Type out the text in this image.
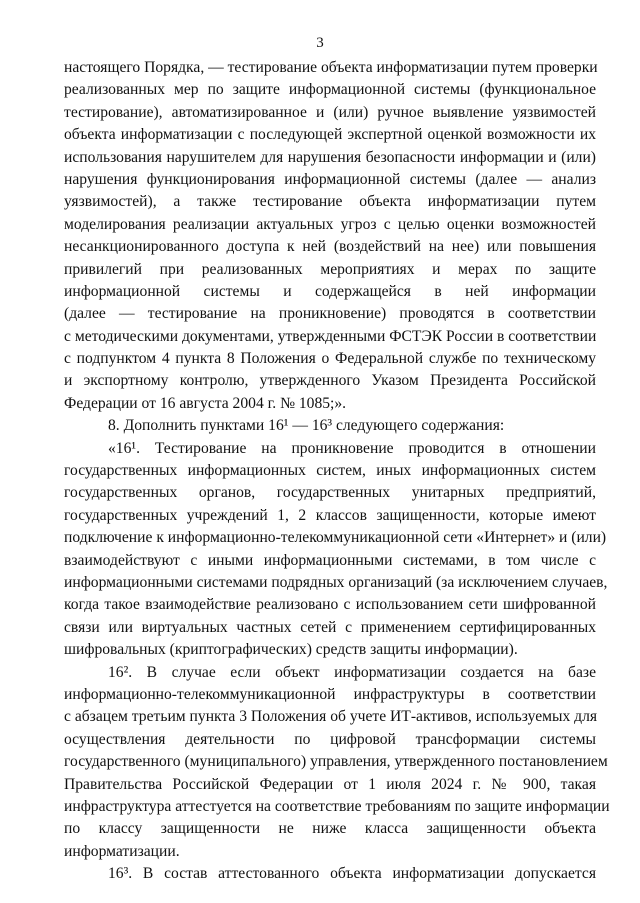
3
настоящего Порядка, — тестирование объекта информатизации путем проверки
реализованных мер по защите информационной системы (функциональное
тестирование), автоматизированное и (или) ручное выявление уязвимостей
объекта информатизации с последующей экспертной оценкой возможности их
использования нарушителем для нарушения безопасности информации и (или)
нарушения функционирования информационной системы (далее — анализ
уязвимостей), а также тестирование объекта информатизации путем
моделирования реализации актуальных угроз с целью оценки возможностей
несанкционированного доступа к ней (воздействий на нее) или повышения
привилегий при реализованных мероприятиях и мерах по защите
информационной системы и содержащейся в ней информации
(далее — тестирование на проникновение) проводятся в соответствии
с методическими документами, утвержденными ФСТЭК России в соответствии
с подпунктом 4 пункта 8 Положения о Федеральной службе по техническому
и экспортному контролю, утвержденного Указом Президента Российской
Федерации от 16 августа 2004 г. № 1085;».
8. Дополнить пунктами 16¹ — 16³ следующего содержания:
«16¹. Тестирование на проникновение проводится в отношении
государственных информационных систем, иных информационных систем
государственных органов, государственных унитарных предприятий,
государственных учреждений 1, 2 классов защищенности, которые имеют
подключение к информационно-телекоммуникационной сети «Интернет» и (или)
взаимодействуют с иными информационными системами, в том числе с
информационными системами подрядных организаций (за исключением случаев,
когда такое взаимодействие реализовано с использованием сети шифрованной
связи или виртуальных частных сетей с применением сертифицированных
шифровальных (криптографических) средств защиты информации).
16². В случае если объект информатизации создается на базе
информационно-телекоммуникационной инфраструктуры в соответствии
с абзацем третьим пункта 3 Положения об учете ИТ-активов, используемых для
осуществления деятельности по цифровой трансформации системы
государственного (муниципального) управления, утвержденного постановлением
Правительства Российской Федерации от 1 июля 2024 г. № 900, такая
инфраструктура аттестуется на соответствие требованиям по защите информации
по классу защищенности не ниже класса защищенности объекта
информатизации.
16³. В состав аттестованного объекта информатизации допускается
